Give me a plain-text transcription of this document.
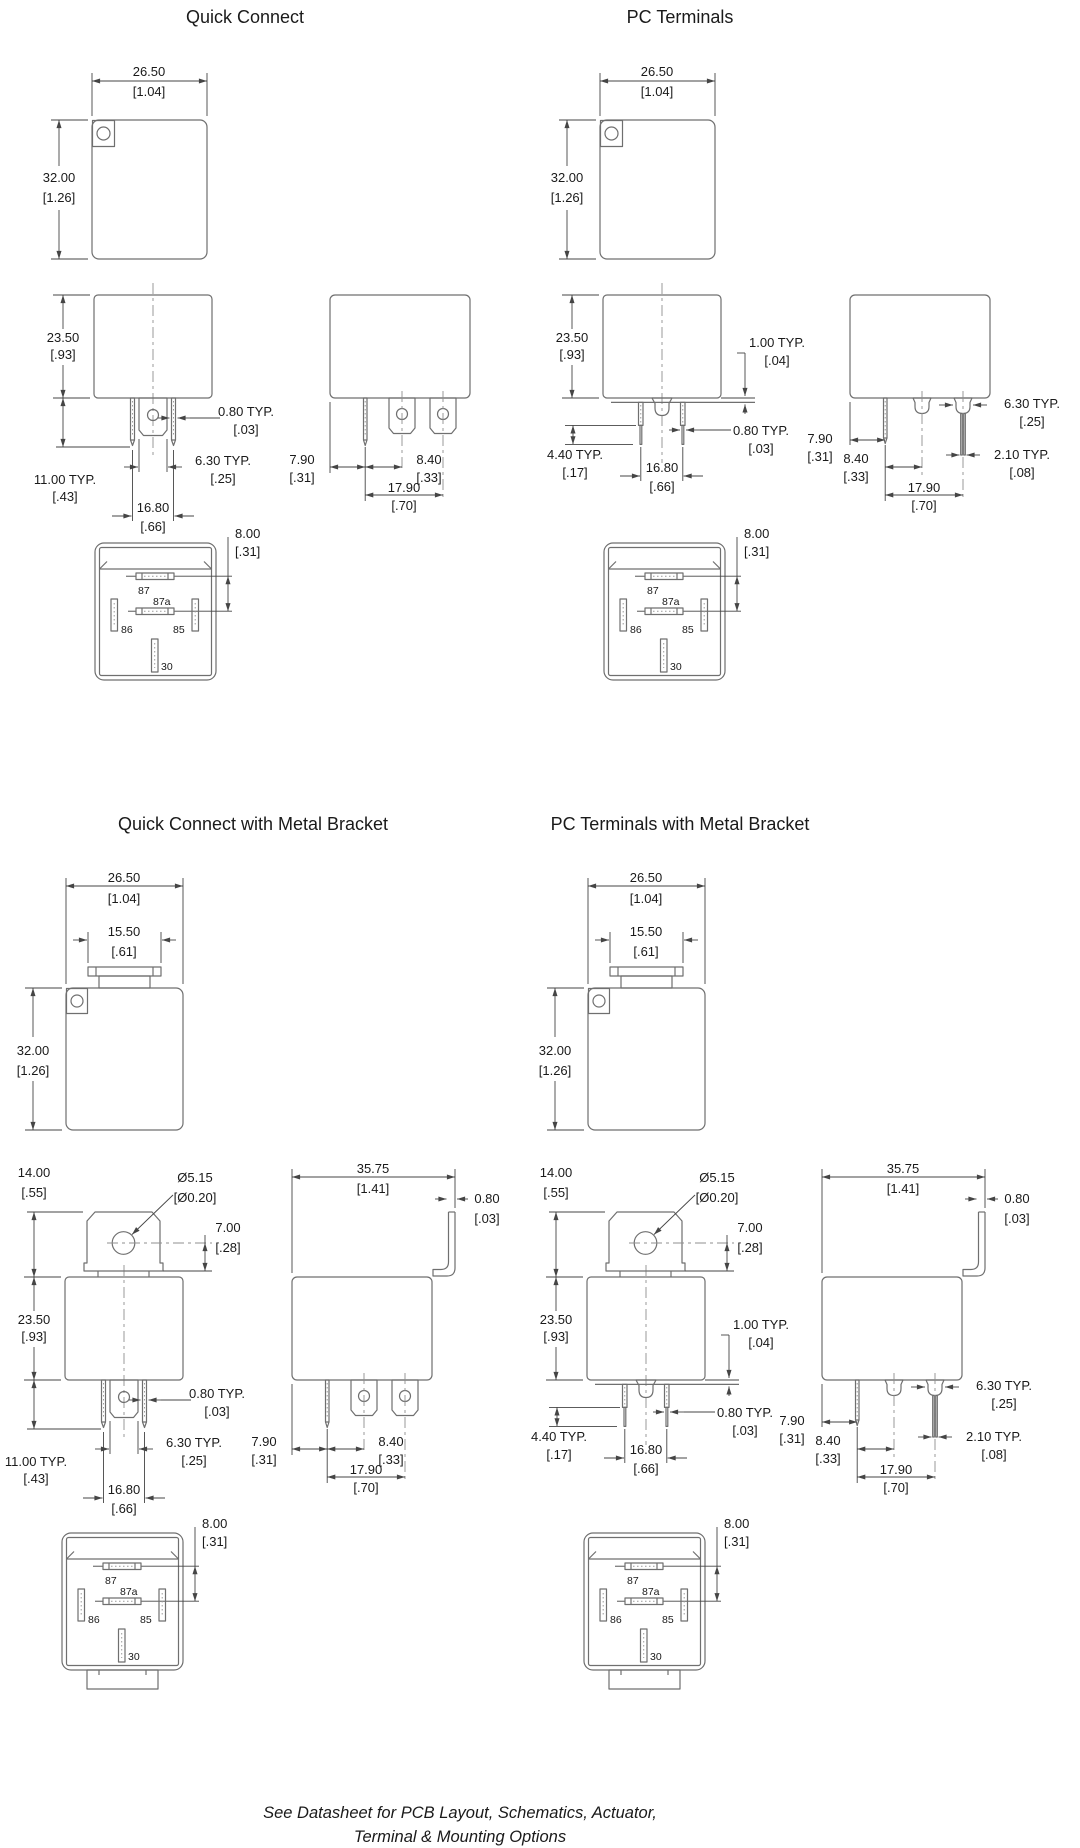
Quick Connect
26.50
[1.04]
32.00
[1.26]
23.50
[.93]
0.80 TYP.
[.03]
6.30 TYP.
[.25]
11.00 TYP.
[.43]
16.80
[.66]
7.90
[.31]
8.40
[.33]
17.90
[.70]
8.00
[.31]
87
87a
86	85
30
PC Terminals
26.50
[1.04]
32.00
[1.26]
23.50
[.93]
1.00 TYP.
[.04]
0.80 TYP.
[.03]
4.40 TYP.
[.17]	16.80
[.66]
6.30 TYP.
[.25]
2.10 TYP.
[.08]
7.90
[.31] 8.40
[.33]
17.90
[.70]
8.00
[.31]
87
87a
86	85
30
Quick Connect with Metal Bracket
26.50
[1.04]
15.50
[.61]
32.00
[1.26]
14.00
[.55]
Ø5.15
[Ø0.20]
7.00
[.28]
23.50
[.93]
0.80 TYP.
[.03]
6.30 TYP.
[.25]
11.00 TYP.
[.43]
16.80
[.66]
35.75
[1.41]
0.80
[.03]
7.90
[.31]
8.40
[.33]
17.90
[.70]
8.00
[.31]
87
87a
86	85
30
PC Terminals with Metal Bracket
26.50
[1.04]
15.50
[.61]
32.00
[1.26]
14.00
[.55]
Ø5.15
[Ø0.20]
7.00
[.28]
23.50
[.93]
1.00 TYP.
[.04]
0.80 TYP.
[.03]
4.40 TYP.
[.17]	16.80
[.66]
35.75
[1.41]
0.80
[.03]
6.30 TYP.
[.25]
2.10 TYP.
[.08]
7.90
[.31] 8.40
[.33]
17.90
[.70]
8.00
[.31]
87
87a
86	85
30
See Datasheet for PCB Layout, Schematics, Actuator,
Terminal & Mounting Options
